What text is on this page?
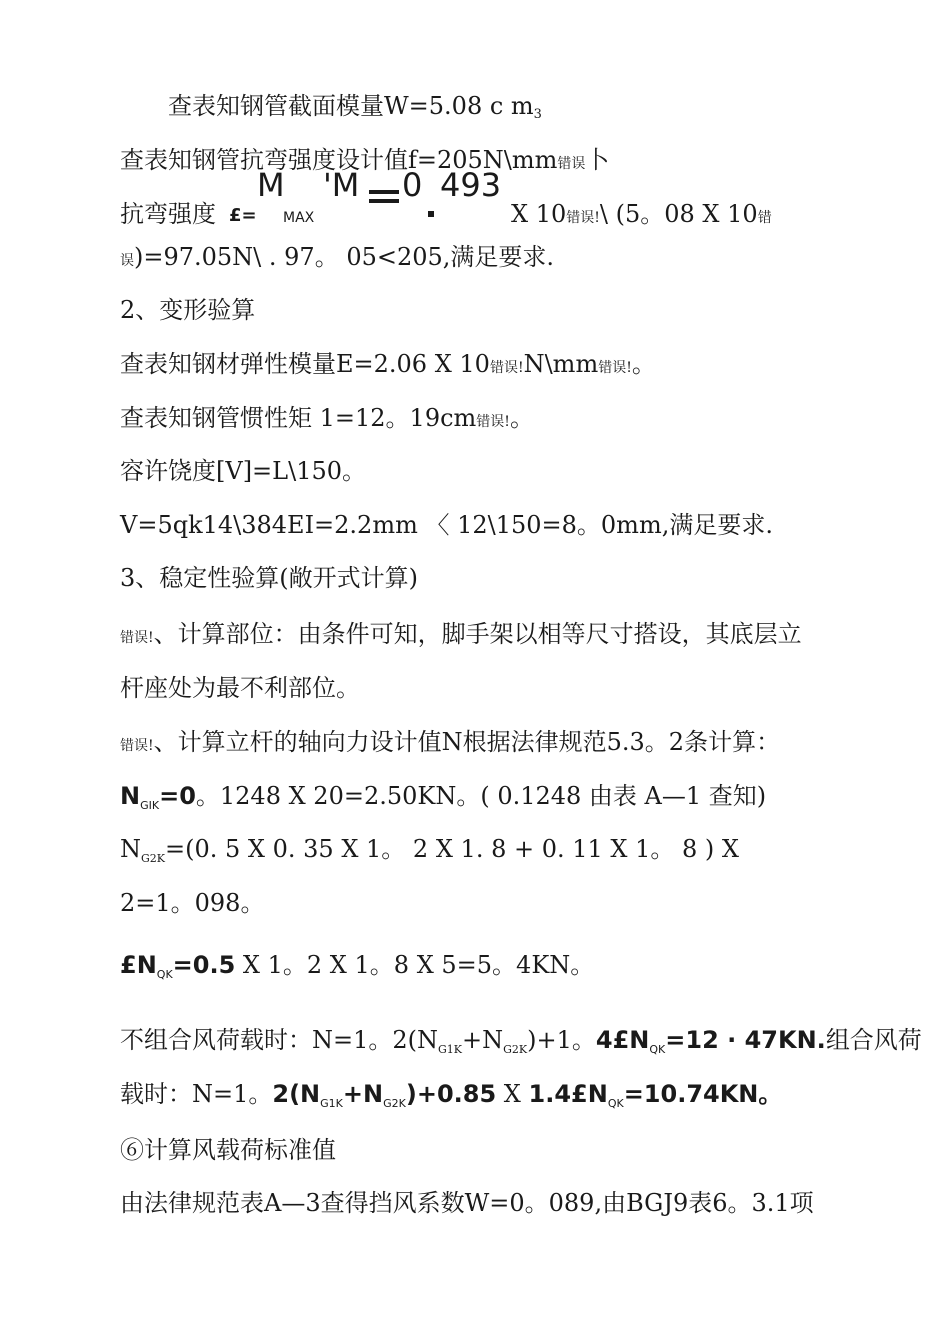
查表知钢管截面模量W=5.08 c m3
查表知钢管抗弯强度设计值f=205N\mm错误卜
抗弯强度 £=
M
MAX
'M 0 493
X 10错误!\ (5。08 X 10错
误)=97.05N\ . 97。 05<205,满足要求.
2、变形验算
查表知钢材弹性模量E=2.06 X 10错误!N\mm错误!。
查表知钢管惯性矩 1=12。19cm错误!。
容许饶度[V]=L\150。
V=5qk14\384EI=2.2mm 〈 12\150=8。0mm,满足要求.
3、稳定性验算(敞开式计算)
错误!、计算部位：由条件可知，脚手架以相等尺寸搭设，其底层立
杆座处为最不利部位。
错误!、计算立杆的轴向力设计值N根据法律规范5.3。2条计算：
$N_{GIK}=0$。1248 X 20=2.50KN。( 0.1248 由表 A—1 查知)
$N_{G2K}=(0$. 5 X 0. 35 X 1。 2 X 1. 8 + 0. 11 X 1。 8 ) X
2=1。098。
$£N_{QK}=0.5$ X 1。2 X 1。8 X 5=5。4KN。
不组合风荷载时：N=1。$2(N_{G1K}+N_{G2K})+1$。$4£N_{QK}=12 \cdot 47KN$.组合风荷
载时：N=1。$2(N_{G1K}+N_{G2K})+0.85$ X $1.4£N_{QK}=10.74KN$。
⑥计算风载荷标准值
由法律规范表A—3查得挡风系数W=0。089,由BGJ9表6。3.1项
